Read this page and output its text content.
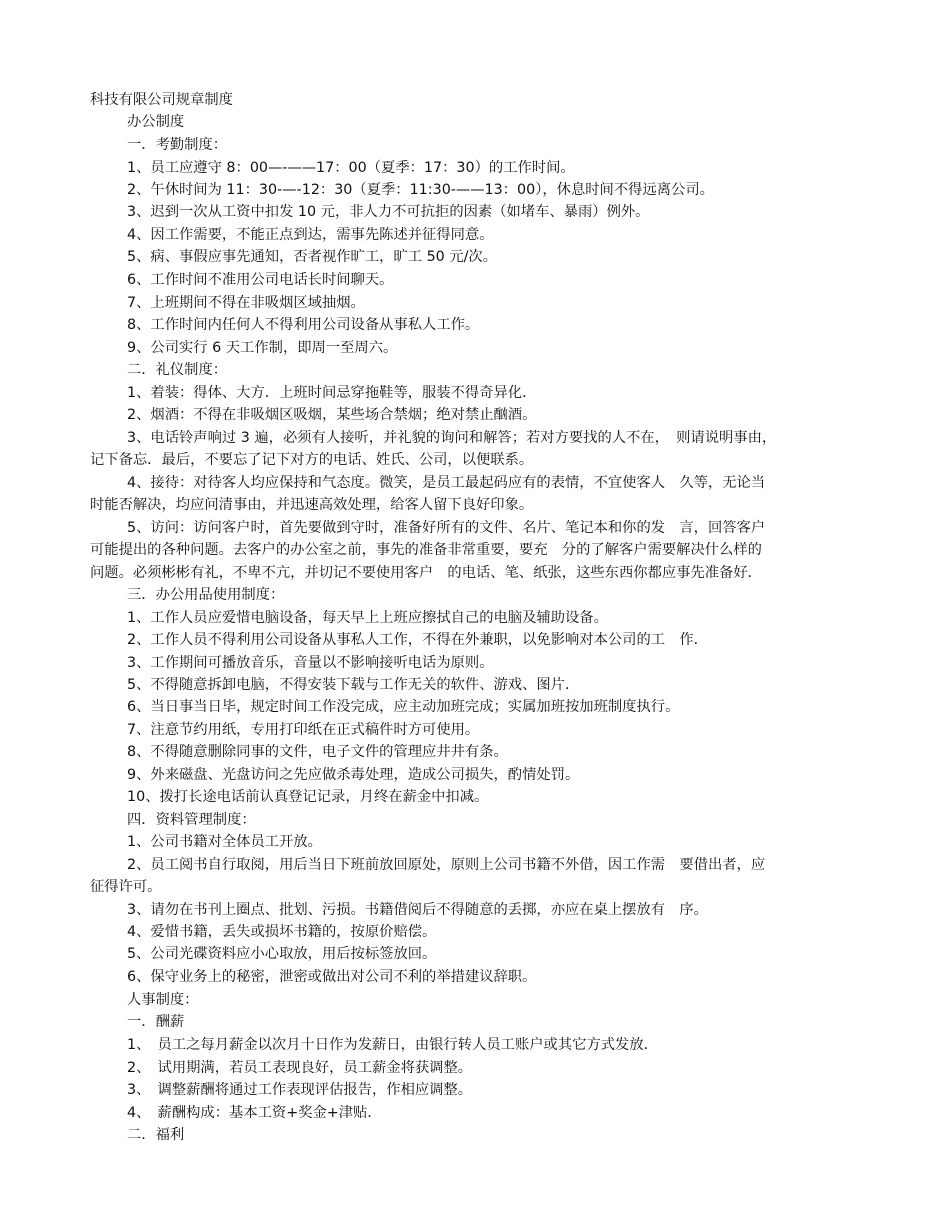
科技有限公司规章制度
办公制度
一．考勤制度：
1、员工应遵守 8：00—-——17：00（夏季：17：30）的工作时间。
2、午休时间为 11：30-—-12：30（夏季：11:30-——13：00），休息时间不得远离公司。
3、迟到一次从工资中扣发 10 元，非人力不可抗拒的因素（如堵车、暴雨）例外。
4、因工作需要，不能正点到达，需事先陈述并征得同意。
5、病、事假应事先通知，否者视作旷工，旷工 50 元/次。
6、工作时间不准用公司电话长时间聊天。
7、上班期间不得在非吸烟区域抽烟。
8、工作时间内任何人不得利用公司设备从事私人工作。
9、公司实行 6 天工作制，即周一至周六。
二．礼仪制度：
1、着装：得体、大方．上班时间忌穿拖鞋等，服装不得奇异化．
2、烟酒：不得在非吸烟区吸烟，某些场合禁烟；绝对禁止酗酒。
3、电话铃声响过 3 遍，必须有人接听，并礼貌的询问和解答；若对方要找的人不在，　则请说明事由，
记下备忘．最后，不要忘了记下对方的电话、姓氏、公司，以便联系。
4、接待：对待客人均应保持和气态度。微笑，是员工最起码应有的表情，不宜使客人　久等，无论当
时能否解决，均应问清事由，并迅速高效处理，给客人留下良好印象。
5、访问：访问客户时，首先要做到守时，准备好所有的文件、名片、笔记本和你的发　言，回答客户
可能提出的各种问题。去客户的办公室之前，事先的准备非常重要，要充　分的了解客户需要解决什么样的
问题。必须彬彬有礼，不卑不亢，并切记不要使用客户　的电话、笔、纸张，这些东西你都应事先准备好．
三．办公用品使用制度：
1、工作人员应爱惜电脑设备，每天早上上班应擦拭自己的电脑及辅助设备。
2、工作人员不得利用公司设备从事私人工作，不得在外兼职，以免影响对本公司的工　作．
3、工作期间可播放音乐，音量以不影响接听电话为原则。
5、不得随意拆卸电脑，不得安装下载与工作无关的软件、游戏、图片．
6、当日事当日毕，规定时间工作没完成，应主动加班完成；实属加班按加班制度执行。
7、注意节约用纸，专用打印纸在正式稿件时方可使用。
8、不得随意删除同事的文件，电子文件的管理应井井有条。
9、外来磁盘、光盘访问之先应做杀毒处理，造成公司损失，酌情处罚。
10、拨打长途电话前认真登记记录，月终在薪金中扣减。
四．资料管理制度：
1、公司书籍对全体员工开放。
2、员工阅书自行取阅，用后当日下班前放回原处，原则上公司书籍不外借，因工作需　要借出者，应
征得许可。
3、请勿在书刊上圈点、批划、污损。书籍借阅后不得随意的丢掷，亦应在桌上摆放有　序。
4、爱惜书籍，丢失或损坏书籍的，按原价赔偿。
5、公司光碟资料应小心取放，用后按标签放回。
6、保守业务上的秘密，泄密或做出对公司不利的举措建议辞职。
人事制度：
一．酬薪
1、　员工之每月薪金以次月十日作为发薪日，由银行转人员工账户或其它方式发放．
2、　试用期满，若员工表现良好，员工薪金将获调整。
3、　调整薪酬将通过工作表现评估报告，作相应调整。
4、　薪酬构成：基本工资+奖金+津贴．
二．福利
